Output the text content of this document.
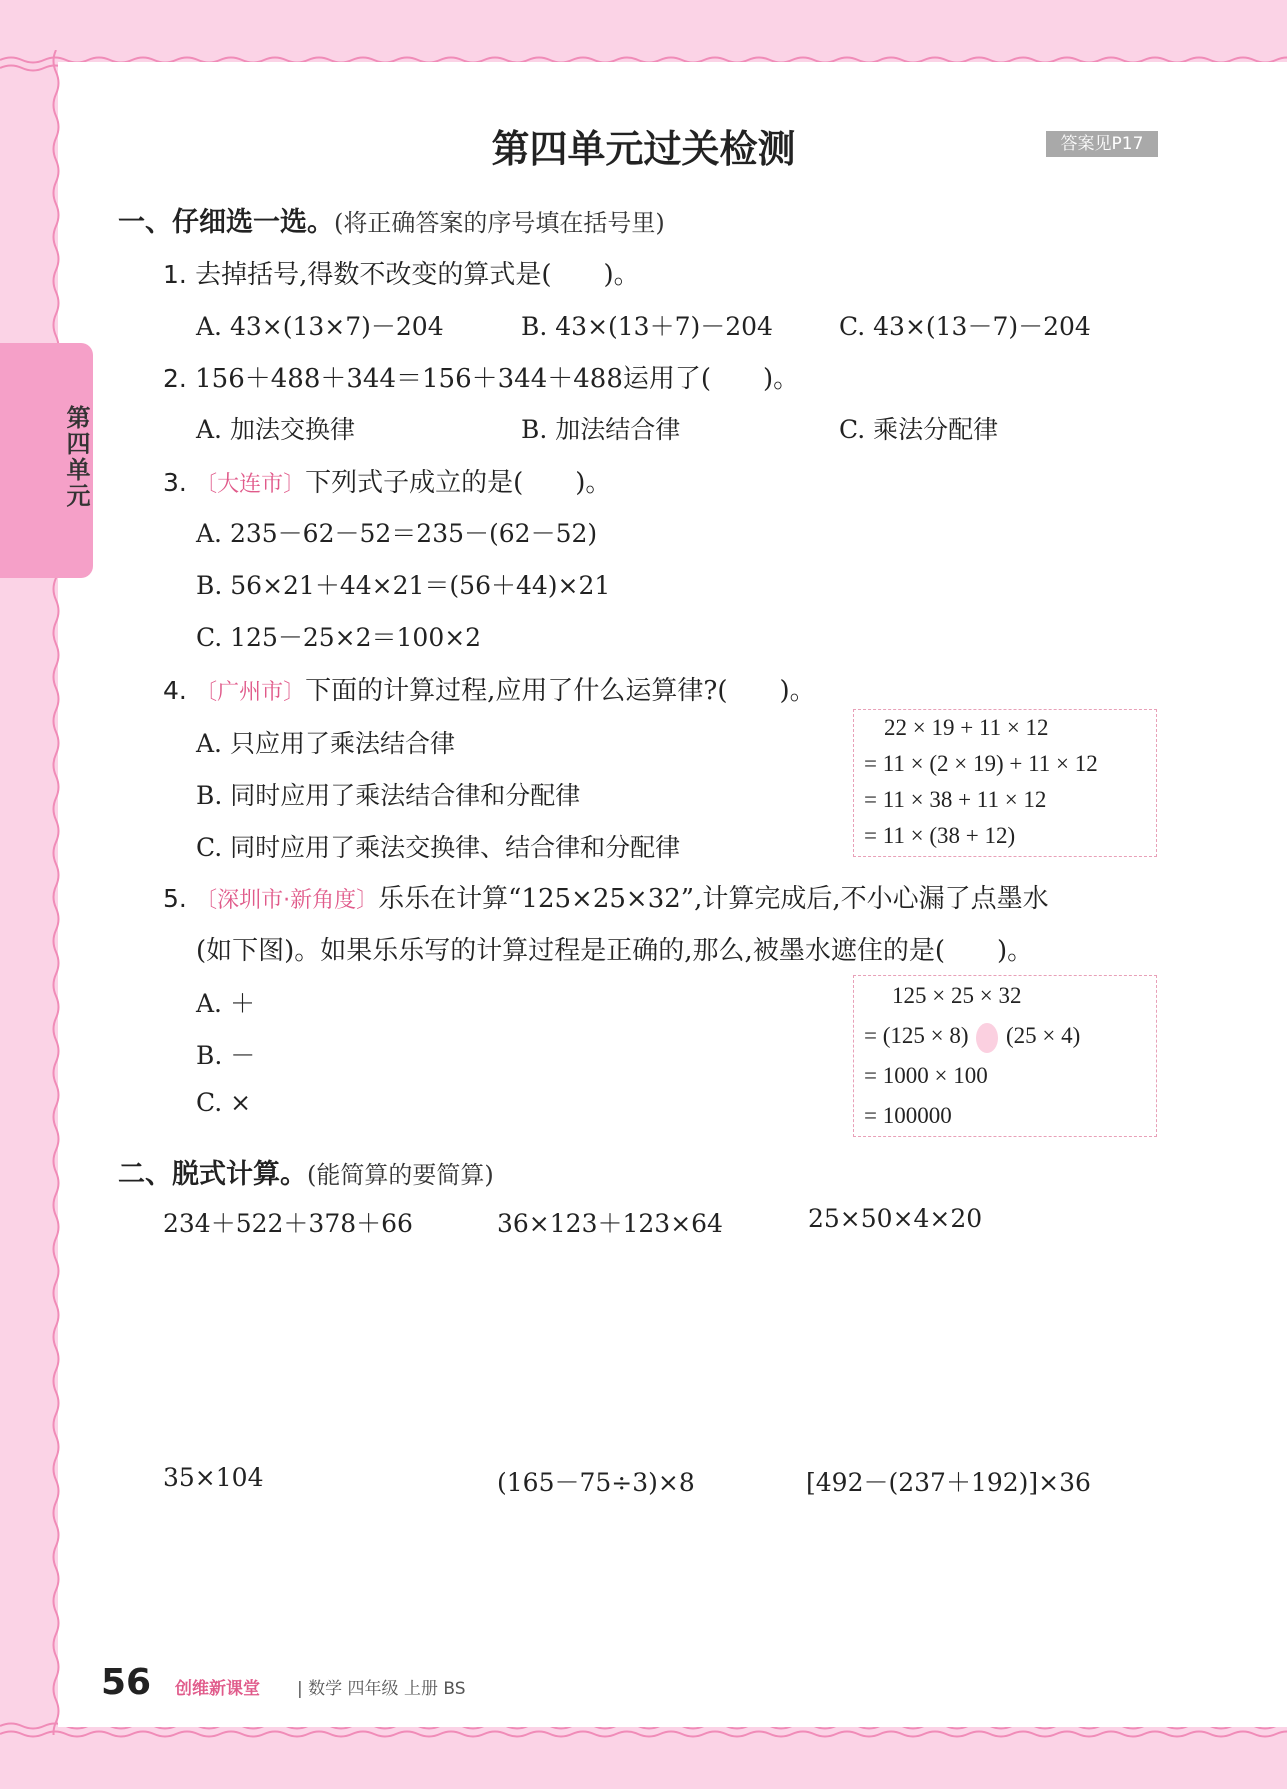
第四单元
第四单元过关检测	答案见P17
一、仔细选一选。(将正确答案的序号填在括号里)
1. 去掉括号,得数不改变的算式是(　　)。
A. 43×(13×7)－204	B. 43×(13＋7)－204	C. 43×(13－7)－204
2. 156＋488＋344＝156＋344＋488运用了(　　)。
A. 加法交换律	B. 加法结合律	C. 乘法分配律
3. 〔大连市〕下列式子成立的是(　　)。
A. 235－62－52＝235－(62－52)
B. 56×21＋44×21＝(56＋44)×21
C. 125－25×2＝100×2
4. 〔广州市〕下面的计算过程,应用了什么运算律?(　　)。
A. 只应用了乘法结合律
B. 同时应用了乘法结合律和分配律
C. 同时应用了乘法交换律、结合律和分配律
22 × 19 + 11 × 12
= 11 × (2 × 19) + 11 × 12
= 11 × 38 + 11 × 12
= 11 × (38 + 12)
5. 〔深圳市·新角度〕乐乐在计算“125×25×32”,计算完成后,不小心漏了点墨水
(如下图)。如果乐乐写的计算过程是正确的,那么,被墨水遮住的是(　　)。
A. ＋
B. －
C. ×
125 × 25 × 32
= (125 × 8) (25 × 4)
= 1000 × 100
= 100000
二、脱式计算。(能简算的要简算)
234＋522＋378＋66	36×123＋123×64	25×50×4×20
35×104	(165－75÷3)×8	[492－(237＋192)]×36
56 创维新课堂 | 数学 四年级 上册 BS
